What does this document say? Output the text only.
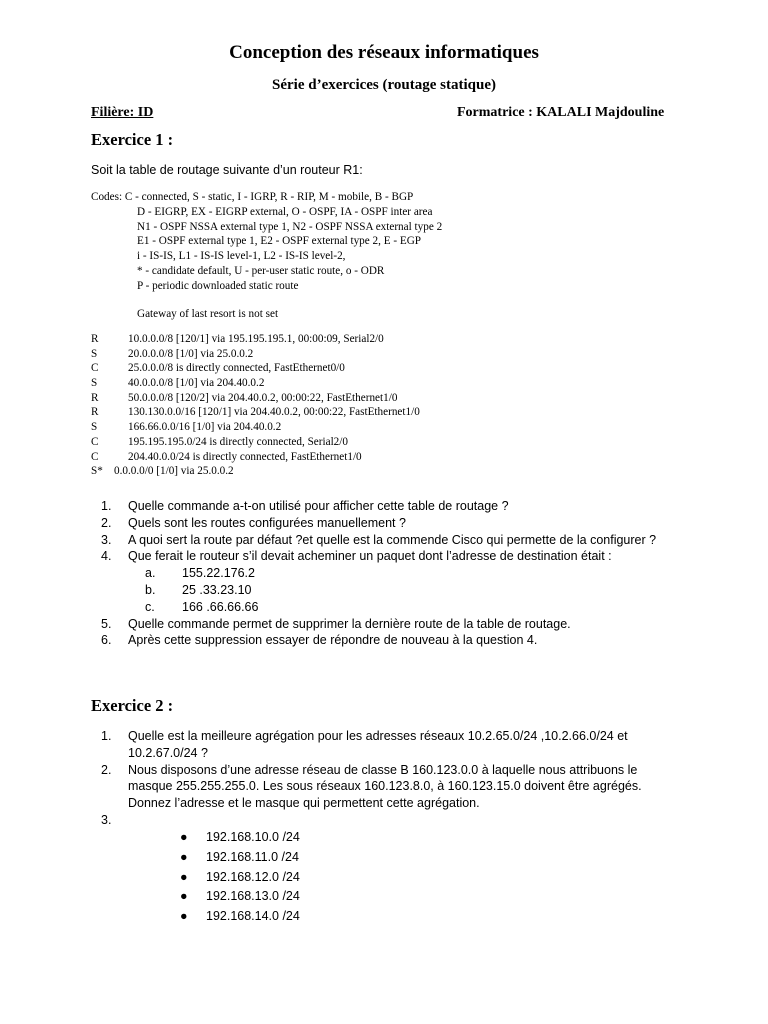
Conception des réseaux informatiques
Série d’exercices (routage statique)
Filière: ID	Formatrice : KALALI Majdouline
Exercice 1 :
Soit la table de routage suivante d’un routeur R1:
Codes: C - connected, S - static, I - IGRP, R - RIP, M - mobile, B - BGP
D - EIGRP, EX - EIGRP external, O - OSPF, IA - OSPF inter area
N1 - OSPF NSSA external type 1, N2 - OSPF NSSA external type 2
E1 - OSPF external type 1, E2 - OSPF external type 2, E - EGP
i - IS-IS, L1 - IS-IS level-1, L2 - IS-IS level-2,
* - candidate default, U - per-user static route, o - ODR
P - periodic downloaded static route
Gateway of last resort is not set
R	10.0.0.0/8 [120/1] via 195.195.195.1, 00:00:09, Serial2/0
S	20.0.0.0/8 [1/0] via 25.0.0.2
C	25.0.0.0/8 is directly connected, FastEthernet0/0
S	40.0.0.0/8 [1/0] via 204.40.0.2
R	50.0.0.0/8 [120/2] via 204.40.0.2, 00:00:22, FastEthernet1/0
R	130.130.0.0/16 [120/1] via 204.40.0.2, 00:00:22, FastEthernet1/0
S	166.66.0.0/16 [1/0] via 204.40.0.2
C	195.195.195.0/24 is directly connected, Serial2/0
C	204.40.0.0/24 is directly connected, FastEthernet1/0
S* 0.0.0.0/0 [1/0] via 25.0.0.2
1. Quelle commande a-t-on utilisé pour afficher cette table de routage ?
2. Quels sont les routes configurées manuellement ?
3. A quoi sert la route par défaut ?et quelle est la commende Cisco qui permette de la configurer ?
4. Que ferait le routeur s’il devait acheminer un paquet dont l’adresse de destination était :
a. 155.22.176.2
b. 25 .33.23.10
c. 166 .66.66.66
5. Quelle commande permet de supprimer la dernière route de la table de routage.
6. Après cette suppression essayer de répondre de nouveau à la question 4.
Exercice 2 :
1. Quelle est la meilleure agrégation pour les adresses réseaux 10.2.65.0/24 ,10.2.66.0/24 et 10.2.67.0/24 ?
2. Nous disposons d’une adresse réseau de classe B 160.123.0.0 à laquelle nous attribuons le masque 255.255.255.0. Les sous réseaux 160.123.8.0, à 160.123.15.0 doivent être agrégés. Donnez l’adresse et le masque qui permettent cette agrégation.
3.
● 192.168.10.0 /24
● 192.168.11.0 /24
● 192.168.12.0 /24
● 192.168.13.0 /24
● 192.168.14.0 /24
